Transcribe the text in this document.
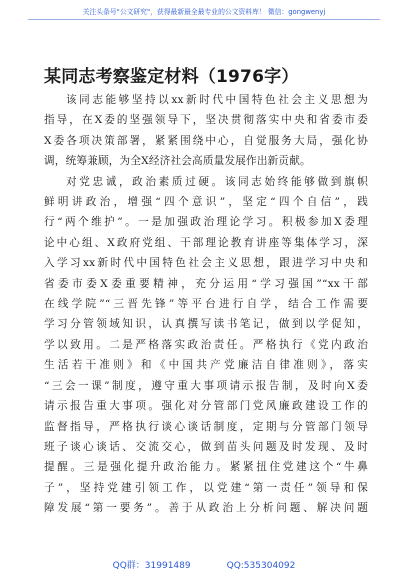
关注头条号"公文研究"，获得最新最全最专业的公文资料库！ 微信：gongwenyj
某同志考察鉴定材料（1976字）

该同志能够坚持以xx新时代中国特色社会主义思想为
指导，在X委的坚强领导下，坚决贯彻落实中央和省委市委
X委各项决策部署，紧紧围绕中心，自觉服务大局，强化协
调，统筹兼顾，为全X经济社会高质量发展作出新贡献。

对党忠诚，政治素质过硬。该同志始终能够做到旗帜
鲜明讲政治，增强“四个意识”，坚定“四个自信”，践
行“两个维护”。一是加强政治理论学习。积极参加X委理
论中心组、X政府党组、干部理论教育讲座等集体学习，深
入学习xx新时代中国特色社会主义思想，跟进学习中央和
省委市委X委重要精神，充分运用“学习强国”“xx干部
在线学院”“三晋先锋”等平台进行自学，结合工作需要
学习分管领域知识，认真撰写读书笔记，做到以学促知，
学以致用。二是严格落实政治责任。严格执行《党内政治
生活若干准则》和《中国共产党廉洁自律准则》，落实
“三会一课”制度，遵守重大事项请示报告制，及时向X委
请示报告重大事项。强化对分管部门党风廉政建设工作的
监督指导，严格执行谈心谈话制度，定期与分管部门领导
班子谈心谈话、交流交心，做到苗头问题及时发现、及时
提醒。三是强化提升政治能力。紧紧扭住党建这个“牛鼻
子”，坚持党建引领工作，以党建“第一责任”领导和保
障发展“第一要务”。善于从政治上分析问题、解决问题

QQ群：31991489	QQ:535304092
